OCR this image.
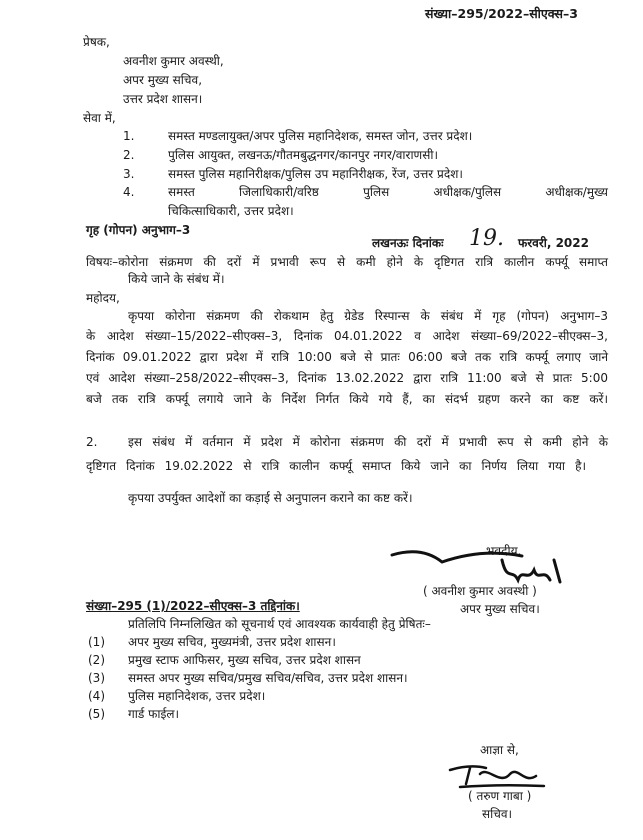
संख्या–295/2022–सीएक्स–3
प्रेषक,
अवनीश कुमार अवस्थी,
अपर मुख्य सचिव,
उत्तर प्रदेश शासन।
सेवा में,
1.	समस्त मण्डलायुक्त/अपर पुलिस महानिदेशक, समस्त जोन, उत्तर प्रदेश।
2.	पुलिस आयुक्त, लखनऊ/गौतमबुद्धनगर/कानपुर नगर/वाराणसी।
3.	समस्त पुलिस महानिरीक्षक/पुलिस उप महानिरीक्षक, रेंज, उत्तर प्रदेश।
4.	समस्त जिलाधिकारी/वरिष्ठ पुलिस अधीक्षक/पुलिस अधीक्षक/मुख्य
चिकित्साधिकारी, उत्तर प्रदेश।
गृह (गोपन) अनुभाग–3
लखनऊः दिनांकः 19. फरवरी, 2022
विषयः–कोरोना संक्रमण की दरों में प्रभावी रूप से कमी होने के दृष्टिगत रात्रि कालीन कर्फ्यू समाप्त
किये जाने के संबंध में।
महोदय,
कृपया कोरोना संक्रमण की रोकथाम हेतु ग्रेडेड रिस्पान्स के संबंध में गृह (गोपन) अनुभाग–3
के आदेश संख्या–15/2022–सीएक्स–3, दिनांक 04.01.2022 व आदेश संख्या–69/2022–सीएक्स–3,
दिनांक 09.01.2022 द्वारा प्रदेश में रात्रि 10:00 बजे से प्रातः 06:00 बजे तक रात्रि कर्फ्यू लगाए जाने
एवं आदेश संख्या–258/2022–सीएक्स–3, दिनांक 13.02.2022 द्वारा रात्रि 11:00 बजे से प्रातः 5:00
बजे तक रात्रि कर्फ्यू लगाये जाने के निर्देश निर्गत किये गये हैं, का संदर्भ ग्रहण करने का कष्ट करें।
2.	इस संबंध में वर्तमान में प्रदेश में कोरोना संक्रमण की दरों में प्रभावी रूप से कमी होने के
दृष्टिगत दिनांक 19.02.2022 से रात्रि कालीन कर्फ्यू समाप्त किये जाने का निर्णय लिया गया है।
कृपया उपर्युक्त आदेशों का कड़ाई से अनुपालन कराने का कष्ट करें।
भवदीय,
( अवनीश कुमार अवस्थी )
अपर मुख्य सचिव।
संख्या–295 (1)/2022–सीएक्स–3 तद्दिनांक।
प्रतिलिपि निम्नलिखित को सूचनार्थ एवं आवश्यक कार्यवाही हेतु प्रेषितः–
(1) अपर मुख्य सचिव, मुख्यमंत्री, उत्तर प्रदेश शासन।
(2) प्रमुख स्टाफ आफिसर, मुख्य सचिव, उत्तर प्रदेश शासन
(3) समस्त अपर मुख्य सचिव/प्रमुख सचिव/सचिव, उत्तर प्रदेश शासन।
(4) पुलिस महानिदेशक, उत्तर प्रदेश।
(5) गार्ड फाईल।
आज्ञा से,
( तरुण गाबा )
सचिव।
